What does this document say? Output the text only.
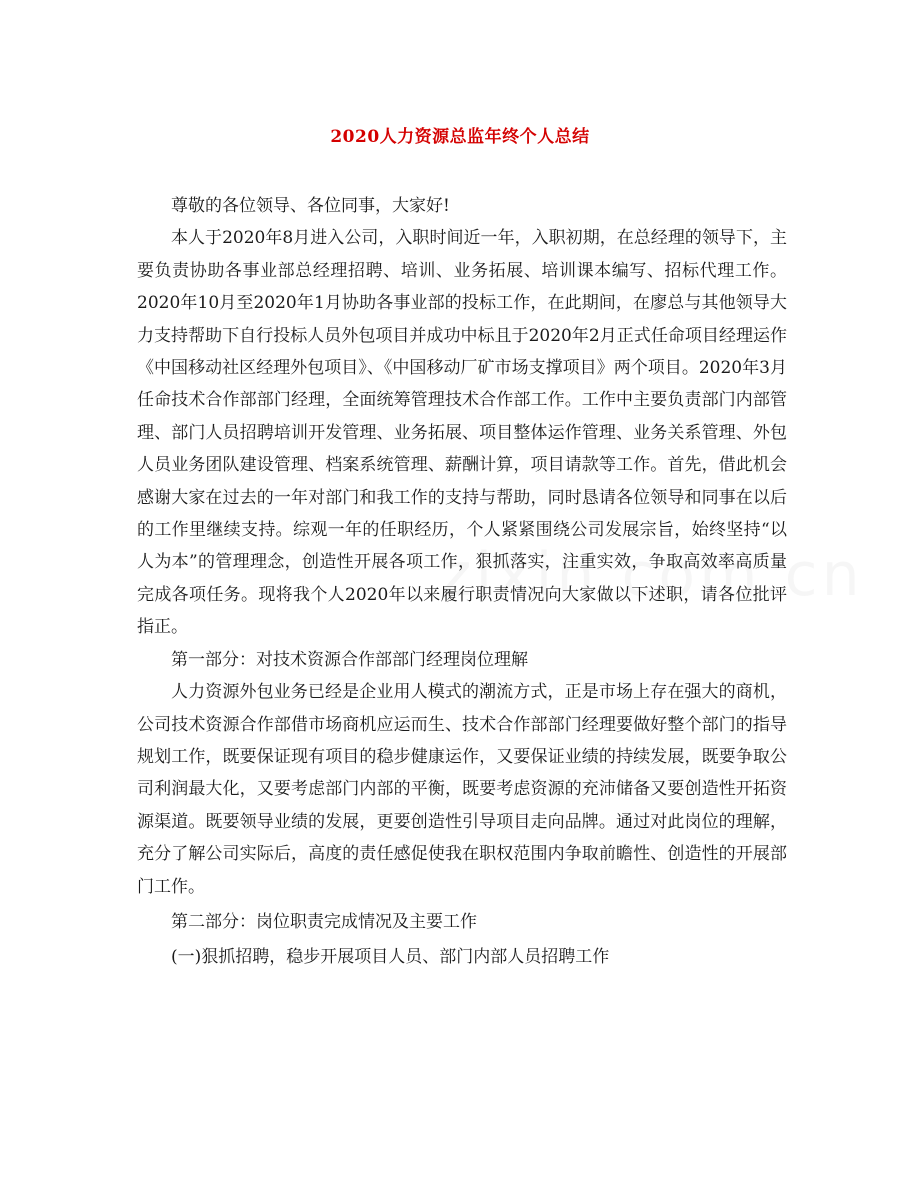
2020人力资源总监年终个人总结

尊敬的各位领导、各位同事，大家好!

本人于2020年8月进入公司，入职时间近一年，入职初期，在总经理的领导下，主要负责协助各事业部总经理招聘、培训、业务拓展、培训课本编写、招标代理工作。2020年10月至2020年1月协助各事业部的投标工作，在此期间，在廖总与其他领导大力支持帮助下自行投标人员外包项目并成功中标且于2020年2月正式任命项目经理运作《中国移动社区经理外包项目》、《中国移动厂矿市场支撑项目》两个项目。2020年3月任命技术合作部部门经理，全面统筹管理技术合作部工作。工作中主要负责部门内部管理、部门人员招聘培训开发管理、业务拓展、项目整体运作管理、业务关系管理、外包人员业务团队建设管理、档案系统管理、薪酬计算，项目请款等工作。首先，借此机会感谢大家在过去的一年对部门和我工作的支持与帮助，同时恳请各位领导和同事在以后的工作里继续支持。综观一年的任职经历，个人紧紧围绕公司发展宗旨，始终坚持“以人为本”的管理理念，创造性开展各项工作，狠抓落实，注重实效，争取高效率高质量完成各项任务。现将我个人2020年以来履行职责情况向大家做以下述职，请各位批评指正。

第一部分：对技术资源合作部部门经理岗位理解

人力资源外包业务已经是企业用人模式的潮流方式，正是市场上存在强大的商机，公司技术资源合作部借市场商机应运而生、技术合作部部门经理要做好整个部门的指导规划工作，既要保证现有项目的稳步健康运作，又要保证业绩的持续发展，既要争取公司利润最大化，又要考虑部门内部的平衡，既要考虑资源的充沛储备又要创造性开拓资源渠道。既要领导业绩的发展，更要创造性引导项目走向品牌。通过对此岗位的理解，充分了解公司实际后，高度的责任感促使我在职权范围内争取前瞻性、创造性的开展部门工作。

第二部分：岗位职责完成情况及主要工作

(一)狠抓招聘，稳步开展项目人员、部门内部人员招聘工作
